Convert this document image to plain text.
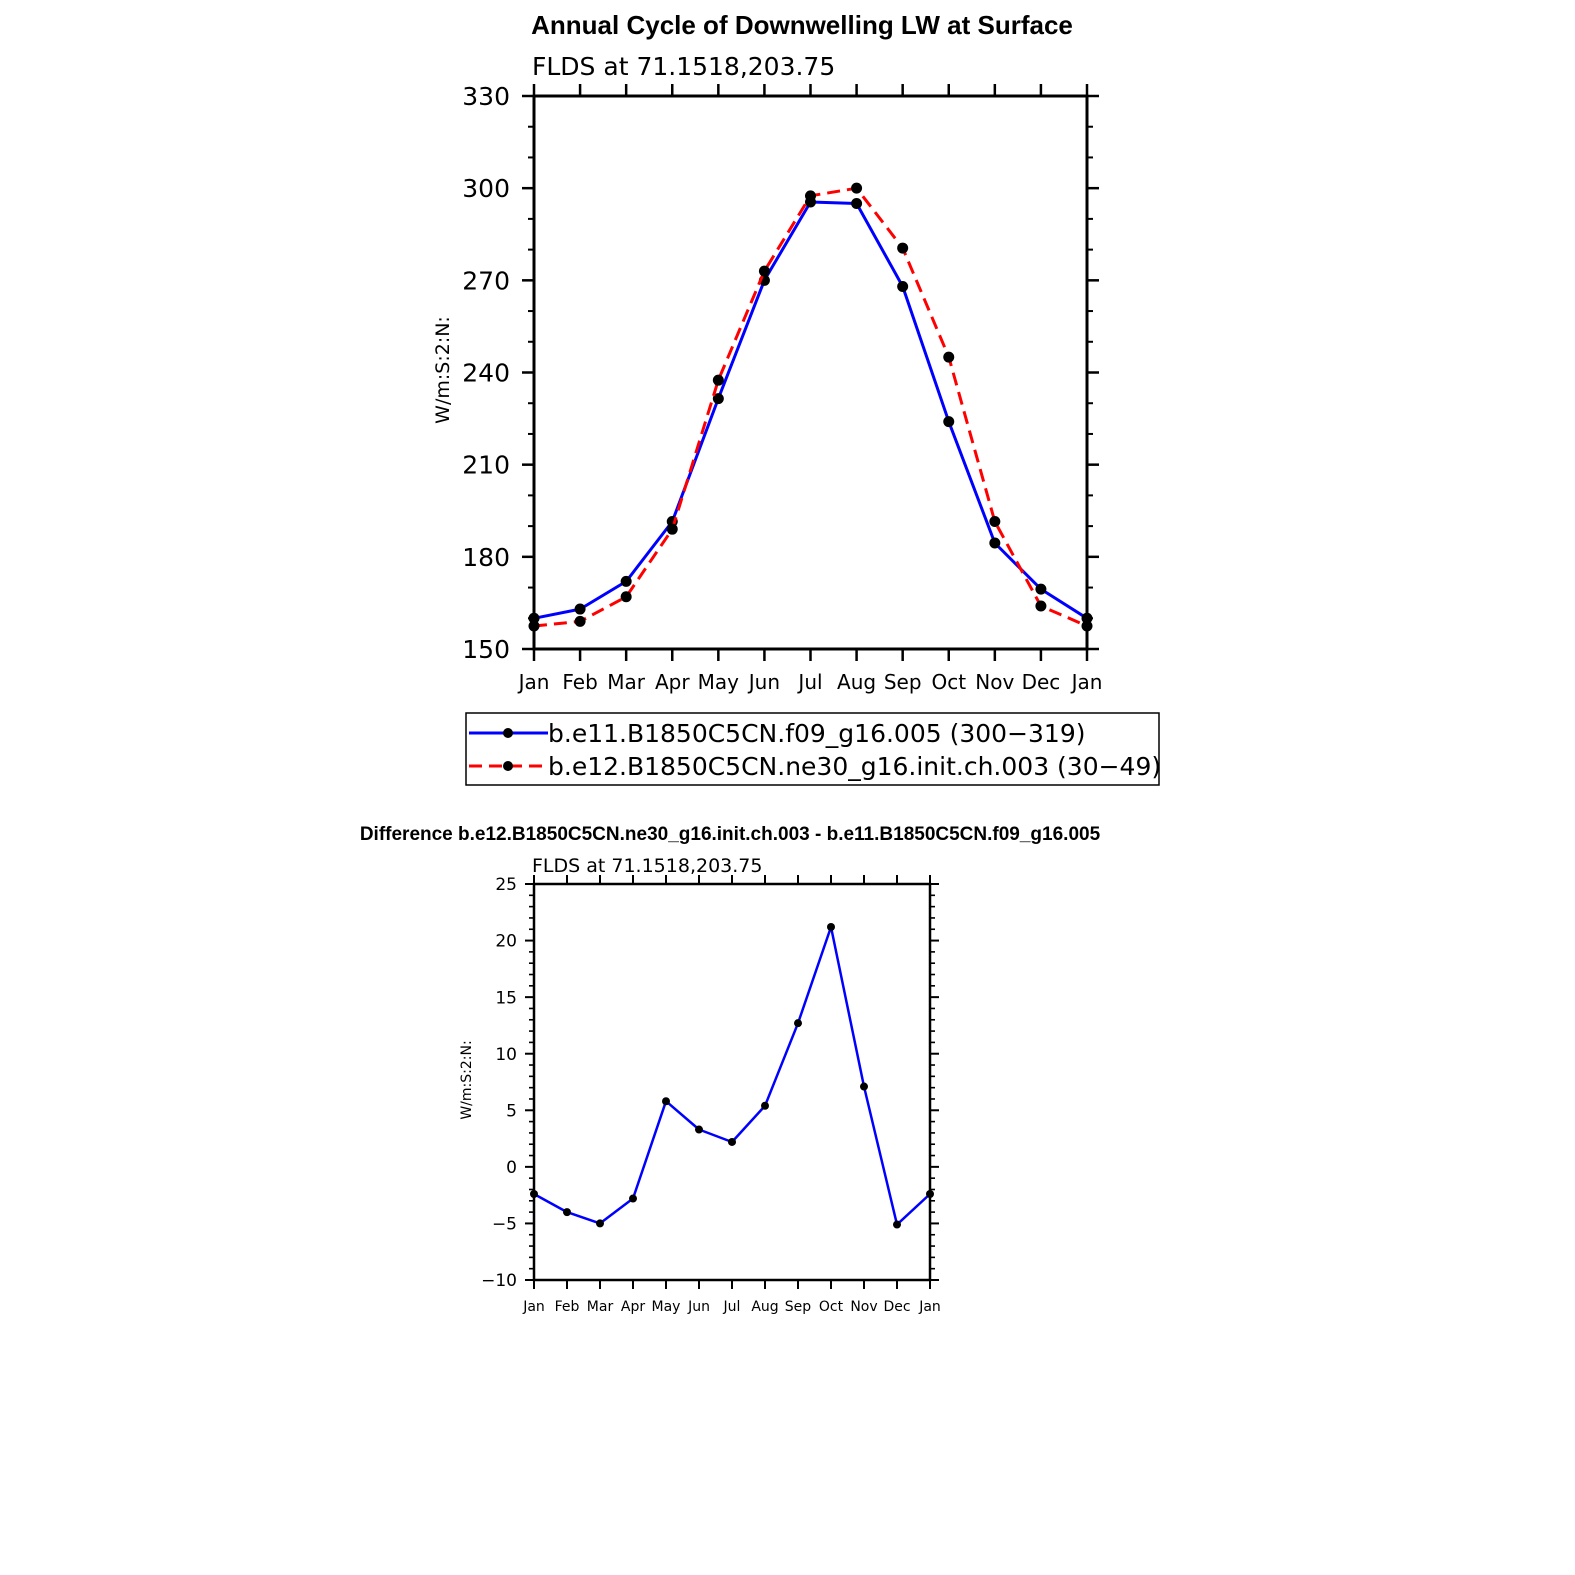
Annual Cycle of Downwelling LW at Surface
FLDS at 71.1518,203.75
W/m:S:2:N:
Jan Feb Mar Apr May Jun Jul Aug Sep Oct Nov Dec Jan
150
180
210
240
270
300
330
b.e11.B1850C5CN.f09_g16.005 (300−319)
b.e12.B1850C5CN.ne30_g16.init.ch.003 (30−49)
Difference b.e12.B1850C5CN.ne30_g16.init.ch.003 - b.e11.B1850C5CN.f09_g16.005
FLDS at 71.1518,203.75
W/m:S:2:N:
Jan Feb Mar Apr May Jun Jul Aug Sep Oct Nov Dec Jan
−10
−5
0
5
10
15
20
25
